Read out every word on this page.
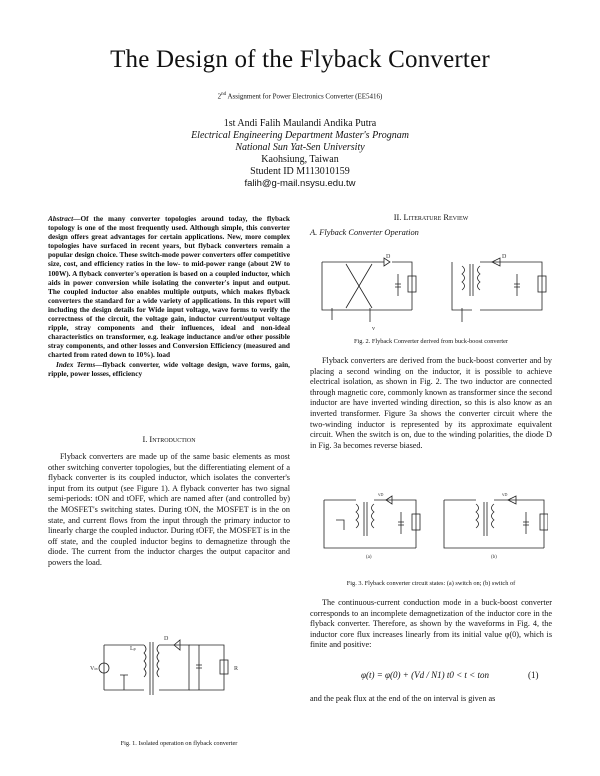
The Design of the Flyback Converter
2nd Assignment for Power Electronics Converter (EE5416)
1st Andi Falih Maulandi Andika Putra
Electrical Engineering Department Master's Prognam
National Sun Yat-Sen University
Kaohsiung, Taiwan
Student ID M113010159
falih@g-mail.nsysu.edu.tw
Abstract—Of the many converter topologies around today, the flyback topology is one of the most frequently used. Although simple, this converter design offers great advantages for certain applications. New, more complex topologies have surfaced in recent years, but flyback converters remain a popular design choice. These switch-mode power converters offer competitive size, cost, and efficiency ratios in the low- to mid-power range (about 2W to 100W). A flyback converter's operation is based on a coupled inductor, which aids in power conversion while isolating the converter's input and output. The coupled inductor also enables multiple outputs, which makes flyback converters the standard for a wide variety of applications. In this report will including the design details for Wide input voltage, wave forms to verify the correctness of the circuit, the voltage gain, inductor current/output voltage ripple, stray components and their influences, ideal and non-ideal characteristics on transformer, e.g. leakage inductance and/or other possible stray components, and other losses and Conversion Efficiency (measured and charted from rated down to 10%). load
Index Terms—flyback converter, wide voltage design, wave forms, gain, ripple, power losses, efficiency
I. Introduction

Flyback converters are made up of the same basic elements as most other switching converter topologies, but the differentiating element of a flyback converter is its coupled inductor, which isolates the converter's input from its output (see Figure 1). A flyback converter has two signal semi-periods: tON and tOFF, which are named after (and controlled by) the MOSFET's switching states. During tON, the MOSFET is in the on state, and current flows from the input through the primary inductor to linearly charge the coupled inductor. During tOFF, the MOSFET is in the off state, and the coupled inductor begins to demagnetize through the diode. The current from the inductor charges the output capacitor and powers the load.

Vin
Lp
D
R
Fig. 1. Isolated operation on flyback converter
II. Literature Review
A. Flyback Converter Operation
D	D
v
Fig. 2. Flyback Converter derived from buck-boost converter

Flyback converters are derived from the buck-boost converter and by placing a second winding on the inductor, it is possible to achieve electrical isolation, as shown in Fig. 2. The two inductor are connected through magnetic core, commonly known as transformer since the second inductor are have inverted winding direction, so this is also know as an inverted transformer. Figure 3a shows the converter circuit where the two-winding inductor is represented by its approximate equivalent circuit. When the switch is on, due to the winding polarities, the diode D in Fig. 3a becomes reverse biased.

vD	vD
(a)	(b)
Fig. 3. Flyback converter circuit states: (a) switch on; (b) switch of

The continuous-current conduction mode in a buck-boost converter corresponds to an incomplete demagnetization of the inductor core in the flyback converter. Therefore, as shown by the waveforms in Fig. 4, the inductor core flux increases linearly from its initial value φ(0), which is finite and positive:

φ(t) = φ(0) + (Vd / N1) t0 < t < ton	(1)

and the peak flux at the end of the on interval is given as
